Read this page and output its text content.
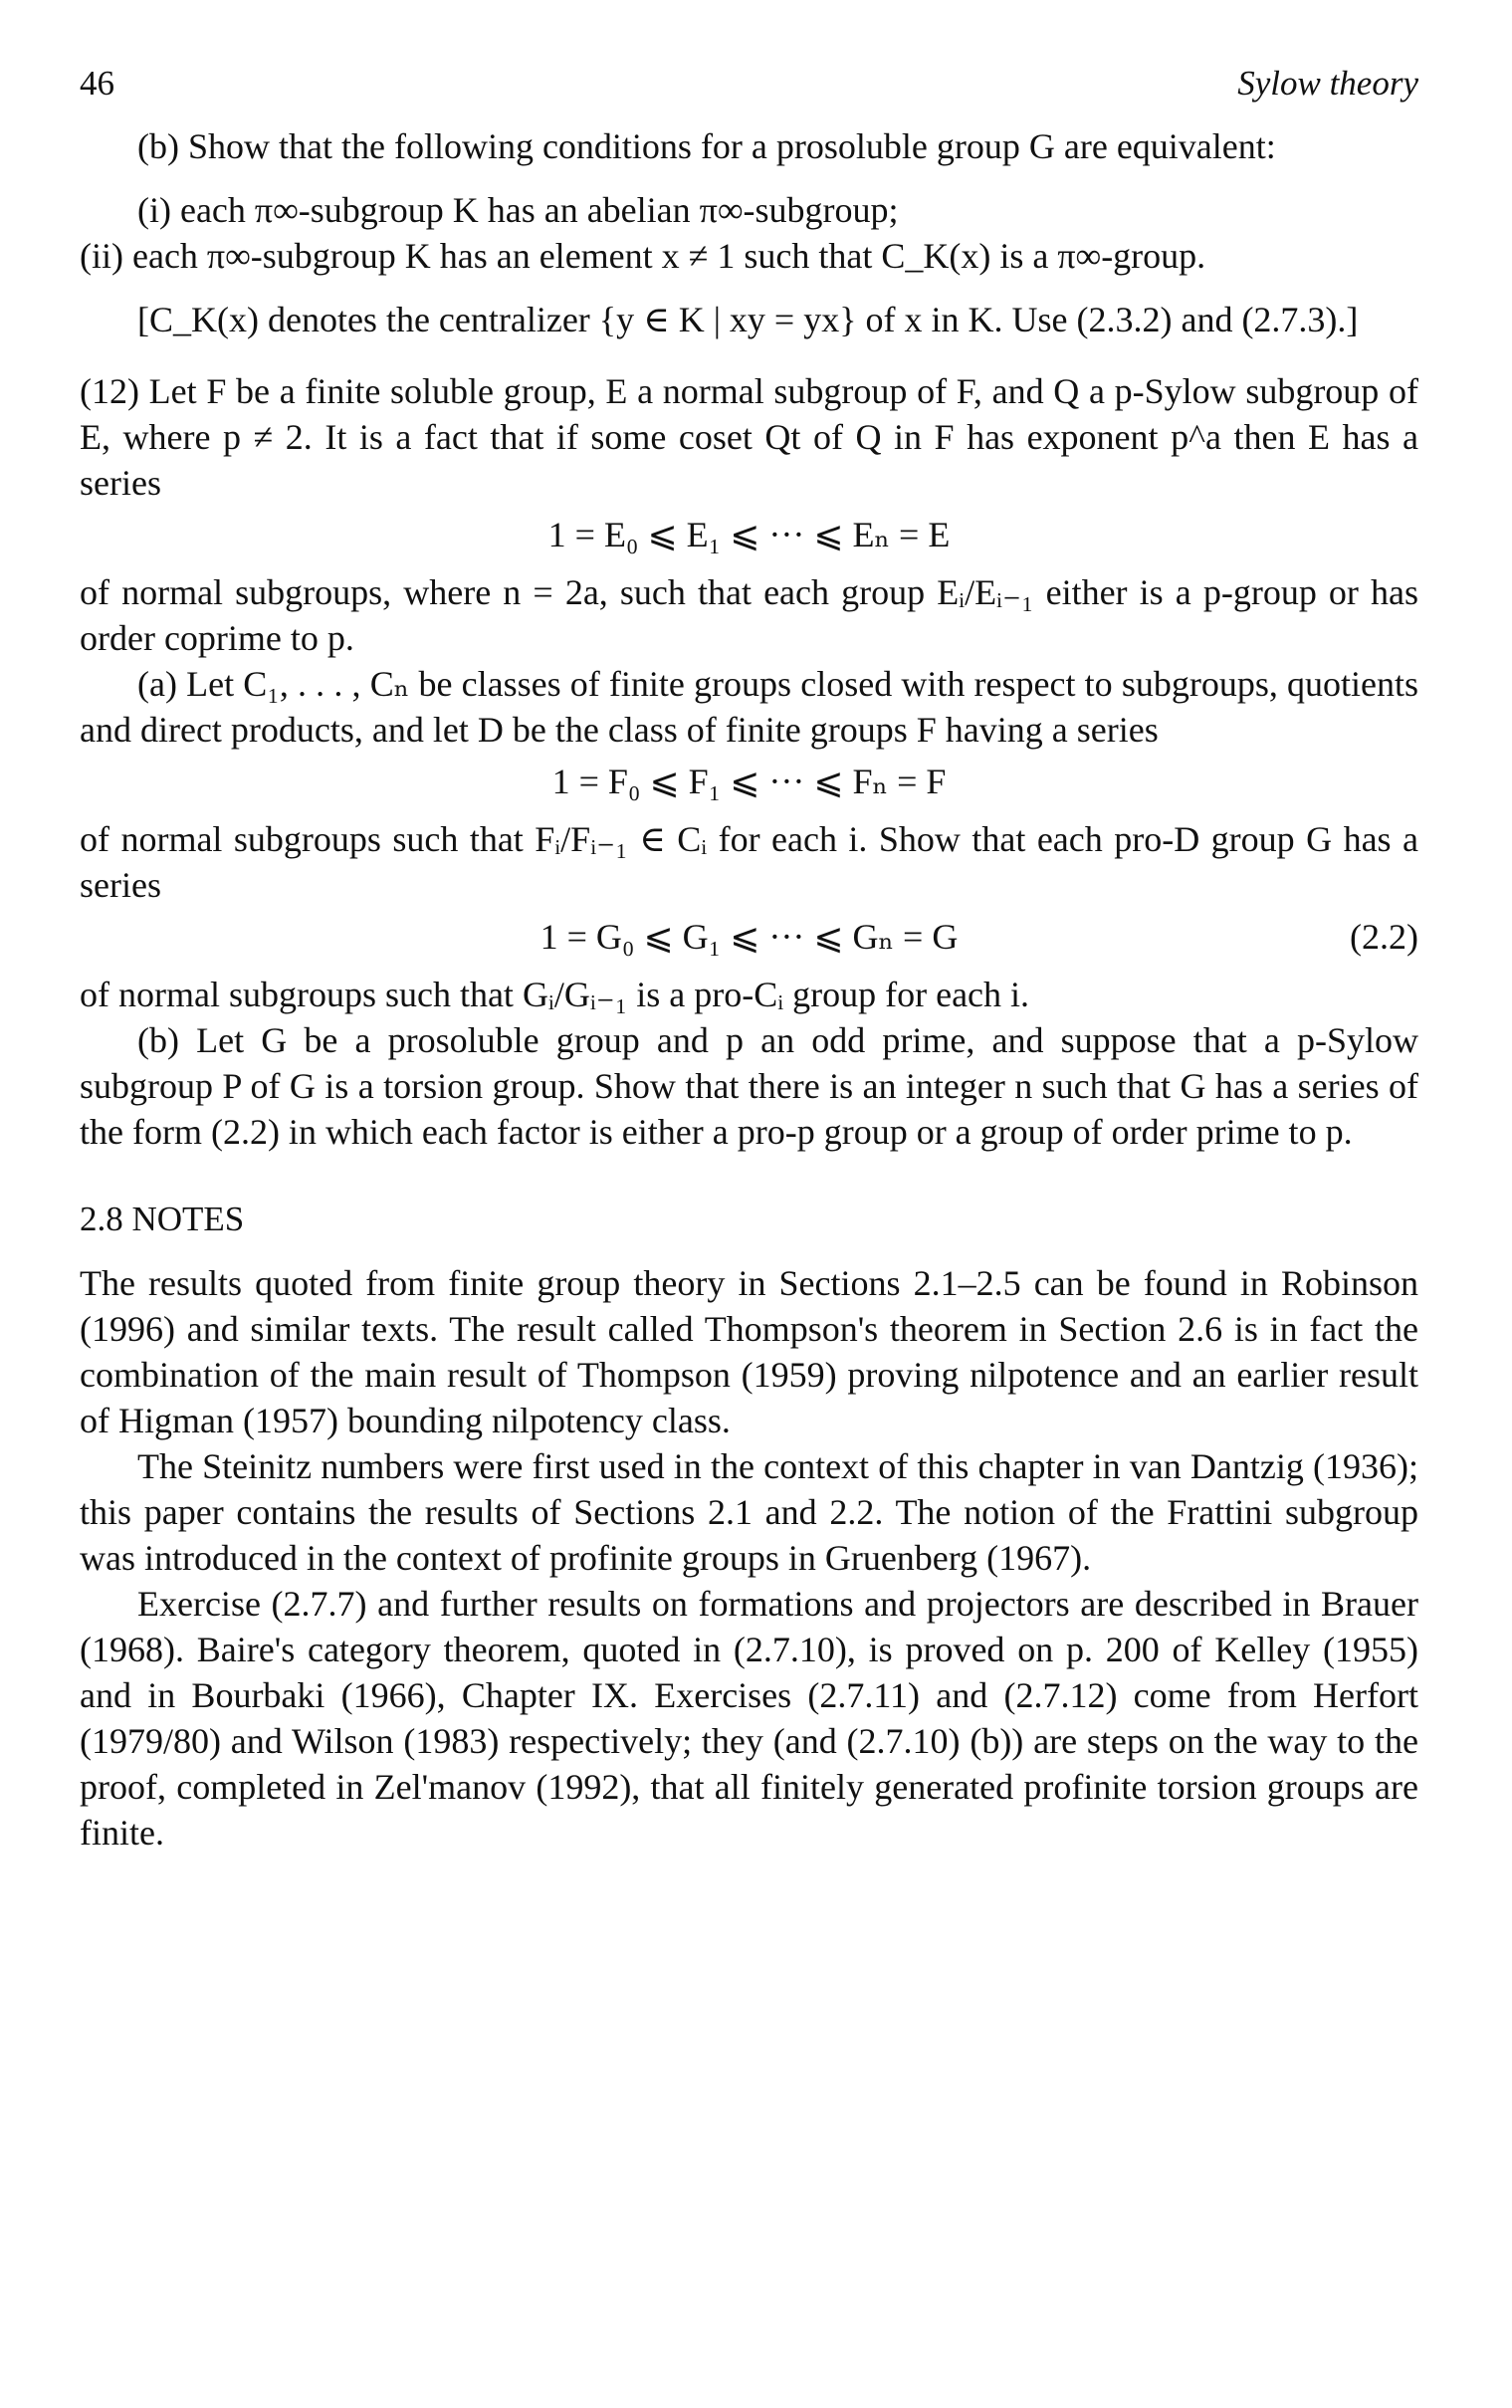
46	Sylow theory

(b) Show that the following conditions for a prosoluble group G are equivalent:

(i) each π∞-subgroup K has an abelian π∞-subgroup;

(ii) each π∞-subgroup K has an element x ≠ 1 such that C_K(x) is a π∞-group.

[C_K(x) denotes the centralizer {y ∈ K | xy = yx} of x in K. Use (2.3.2) and (2.7.3).]

(12) Let F be a finite soluble group, E a normal subgroup of F, and Q a p-Sylow subgroup of E, where p ≠ 2. It is a fact that if some coset Qt of Q in F has exponent p^a then E has a series

1 = E₀ ⩽ E₁ ⩽ ··· ⩽ Eₙ = E

of normal subgroups, where n = 2a, such that each group Eᵢ/Eᵢ₋₁ either is a p-group or has order coprime to p.

(a) Let C₁, . . . , Cₙ be classes of finite groups closed with respect to subgroups, quotients and direct products, and let D be the class of finite groups F having a series

1 = F₀ ⩽ F₁ ⩽ ··· ⩽ Fₙ = F

of normal subgroups such that Fᵢ/Fᵢ₋₁ ∈ Cᵢ for each i. Show that each pro-D group G has a series

1 = G₀ ⩽ G₁ ⩽ ··· ⩽ Gₙ = G	(2.2)

of normal subgroups such that Gᵢ/Gᵢ₋₁ is a pro-Cᵢ group for each i.

(b) Let G be a prosoluble group and p an odd prime, and suppose that a p-Sylow subgroup P of G is a torsion group. Show that there is an integer n such that G has a series of the form (2.2) in which each factor is either a pro-p group or a group of order prime to p.

2.8 NOTES

The results quoted from finite group theory in Sections 2.1–2.5 can be found in Robinson (1996) and similar texts. The result called Thompson's theorem in Section 2.6 is in fact the combination of the main result of Thompson (1959) proving nilpotence and an earlier result of Higman (1957) bounding nilpotency class.

The Steinitz numbers were first used in the context of this chapter in van Dantzig (1936); this paper contains the results of Sections 2.1 and 2.2. The notion of the Frattini subgroup was introduced in the context of profinite groups in Gruenberg (1967).

Exercise (2.7.7) and further results on formations and projectors are described in Brauer (1968). Baire's category theorem, quoted in (2.7.10), is proved on p. 200 of Kelley (1955) and in Bourbaki (1966), Chapter IX. Exercises (2.7.11) and (2.7.12) come from Herfort (1979/80) and Wilson (1983) respectively; they (and (2.7.10) (b)) are steps on the way to the proof, completed in Zel'manov (1992), that all finitely generated profinite torsion groups are finite.
